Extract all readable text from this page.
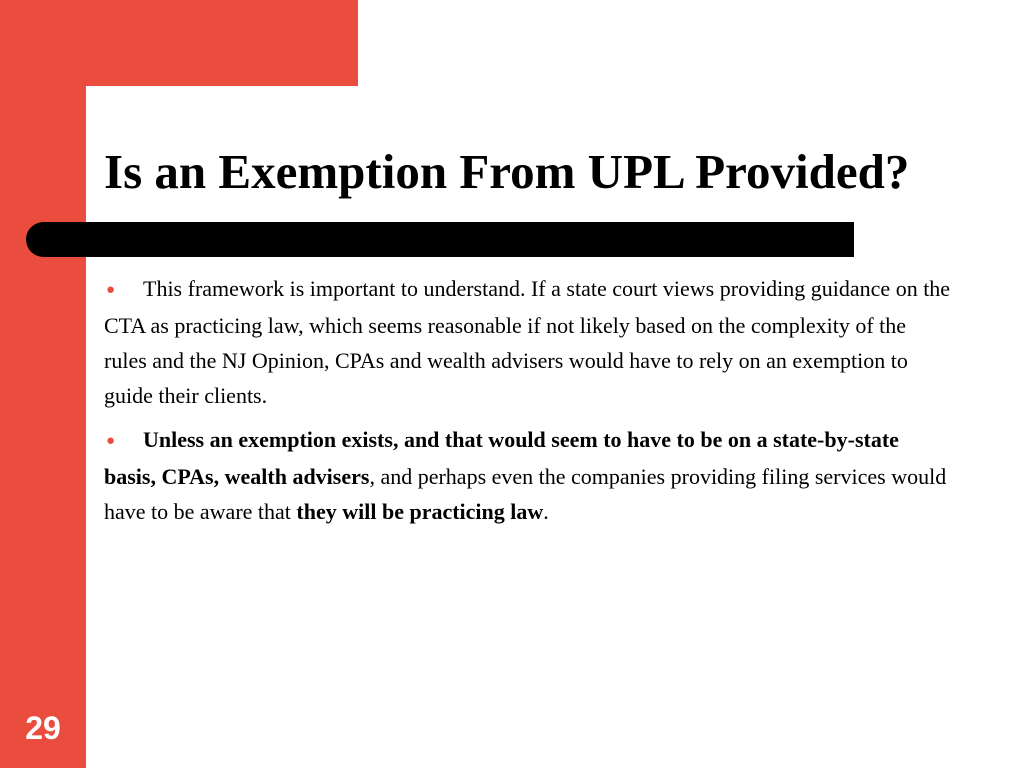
Is an Exemption From UPL Provided?

● This framework is important to understand. If a state court views providing guidance on the CTA as practicing law, which seems reasonable if not likely based on the complexity of the rules and the NJ Opinion, CPAs and wealth advisers would have to rely on an exemption to guide their clients.

● Unless an exemption exists, and that would seem to have to be on a state-by-state basis, CPAs, wealth advisers, and perhaps even the companies providing filing services would have to be aware that they will be practicing law.

29
